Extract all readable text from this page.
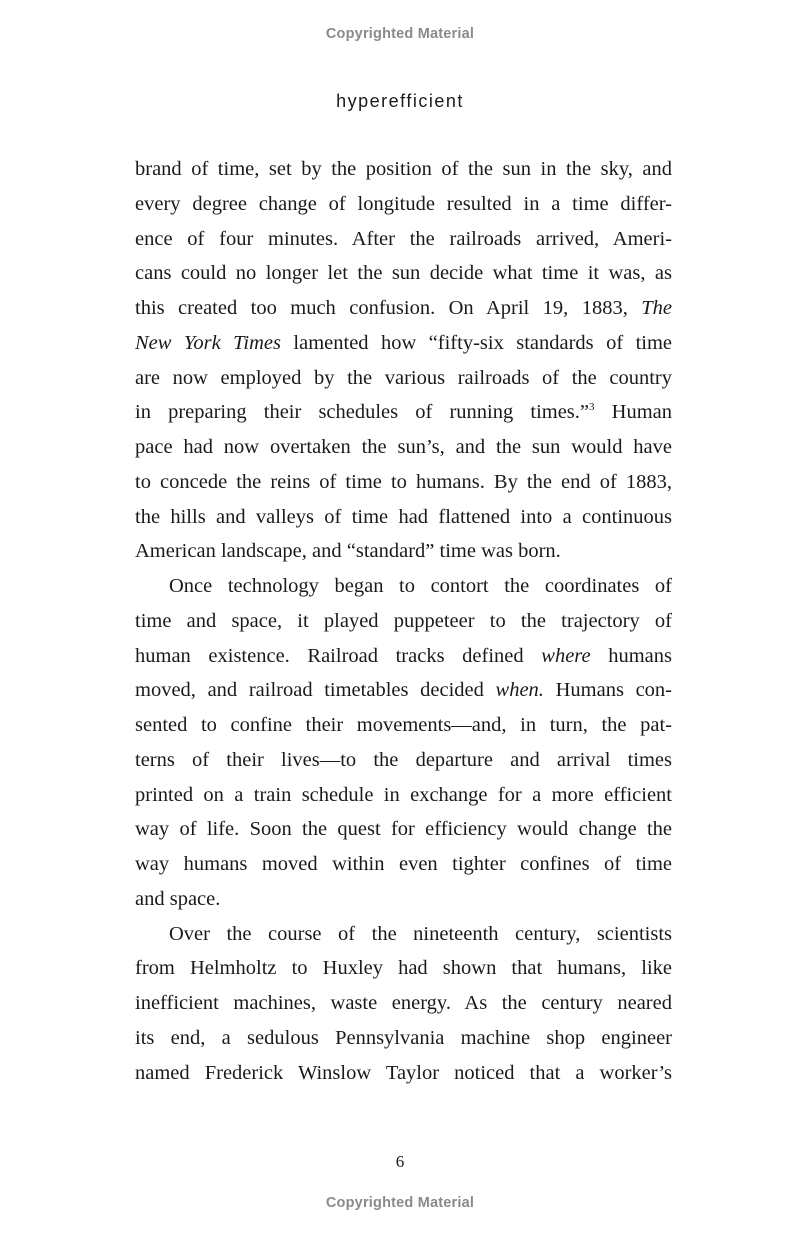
Copyrighted Material
hyperefficient
brand of time, set by the position of the sun in the sky, and
every degree change of longitude resulted in a time differ-
ence of four minutes. After the railroads arrived, Ameri-
cans could no longer let the sun decide what time it was, as
this created too much confusion. On April 19, 1883, The
New York Times lamented how “fifty-six standards of time
are now employed by the various railroads of the country
in preparing their schedules of running times.”$^3$ Human
pace had now overtaken the sun’s, and the sun would have
to concede the reins of time to humans. By the end of 1883,
the hills and valleys of time had flattened into a continuous
American landscape, and “standard” time was born.
Once technology began to contort the coordinates of
time and space, it played puppeteer to the trajectory of
human existence. Railroad tracks defined where humans
moved, and railroad timetables decided when. Humans con-
sented to confine their movements—and, in turn, the pat-
terns of their lives—to the departure and arrival times
printed on a train schedule in exchange for a more efficient
way of life. Soon the quest for efficiency would change the
way humans moved within even tighter confines of time
and space.
Over the course of the nineteenth century, scientists
from Helmholtz to Huxley had shown that humans, like
inefficient machines, waste energy. As the century neared
its end, a sedulous Pennsylvania machine shop engineer
named Frederick Winslow Taylor noticed that a worker’s
6
Copyrighted Material
